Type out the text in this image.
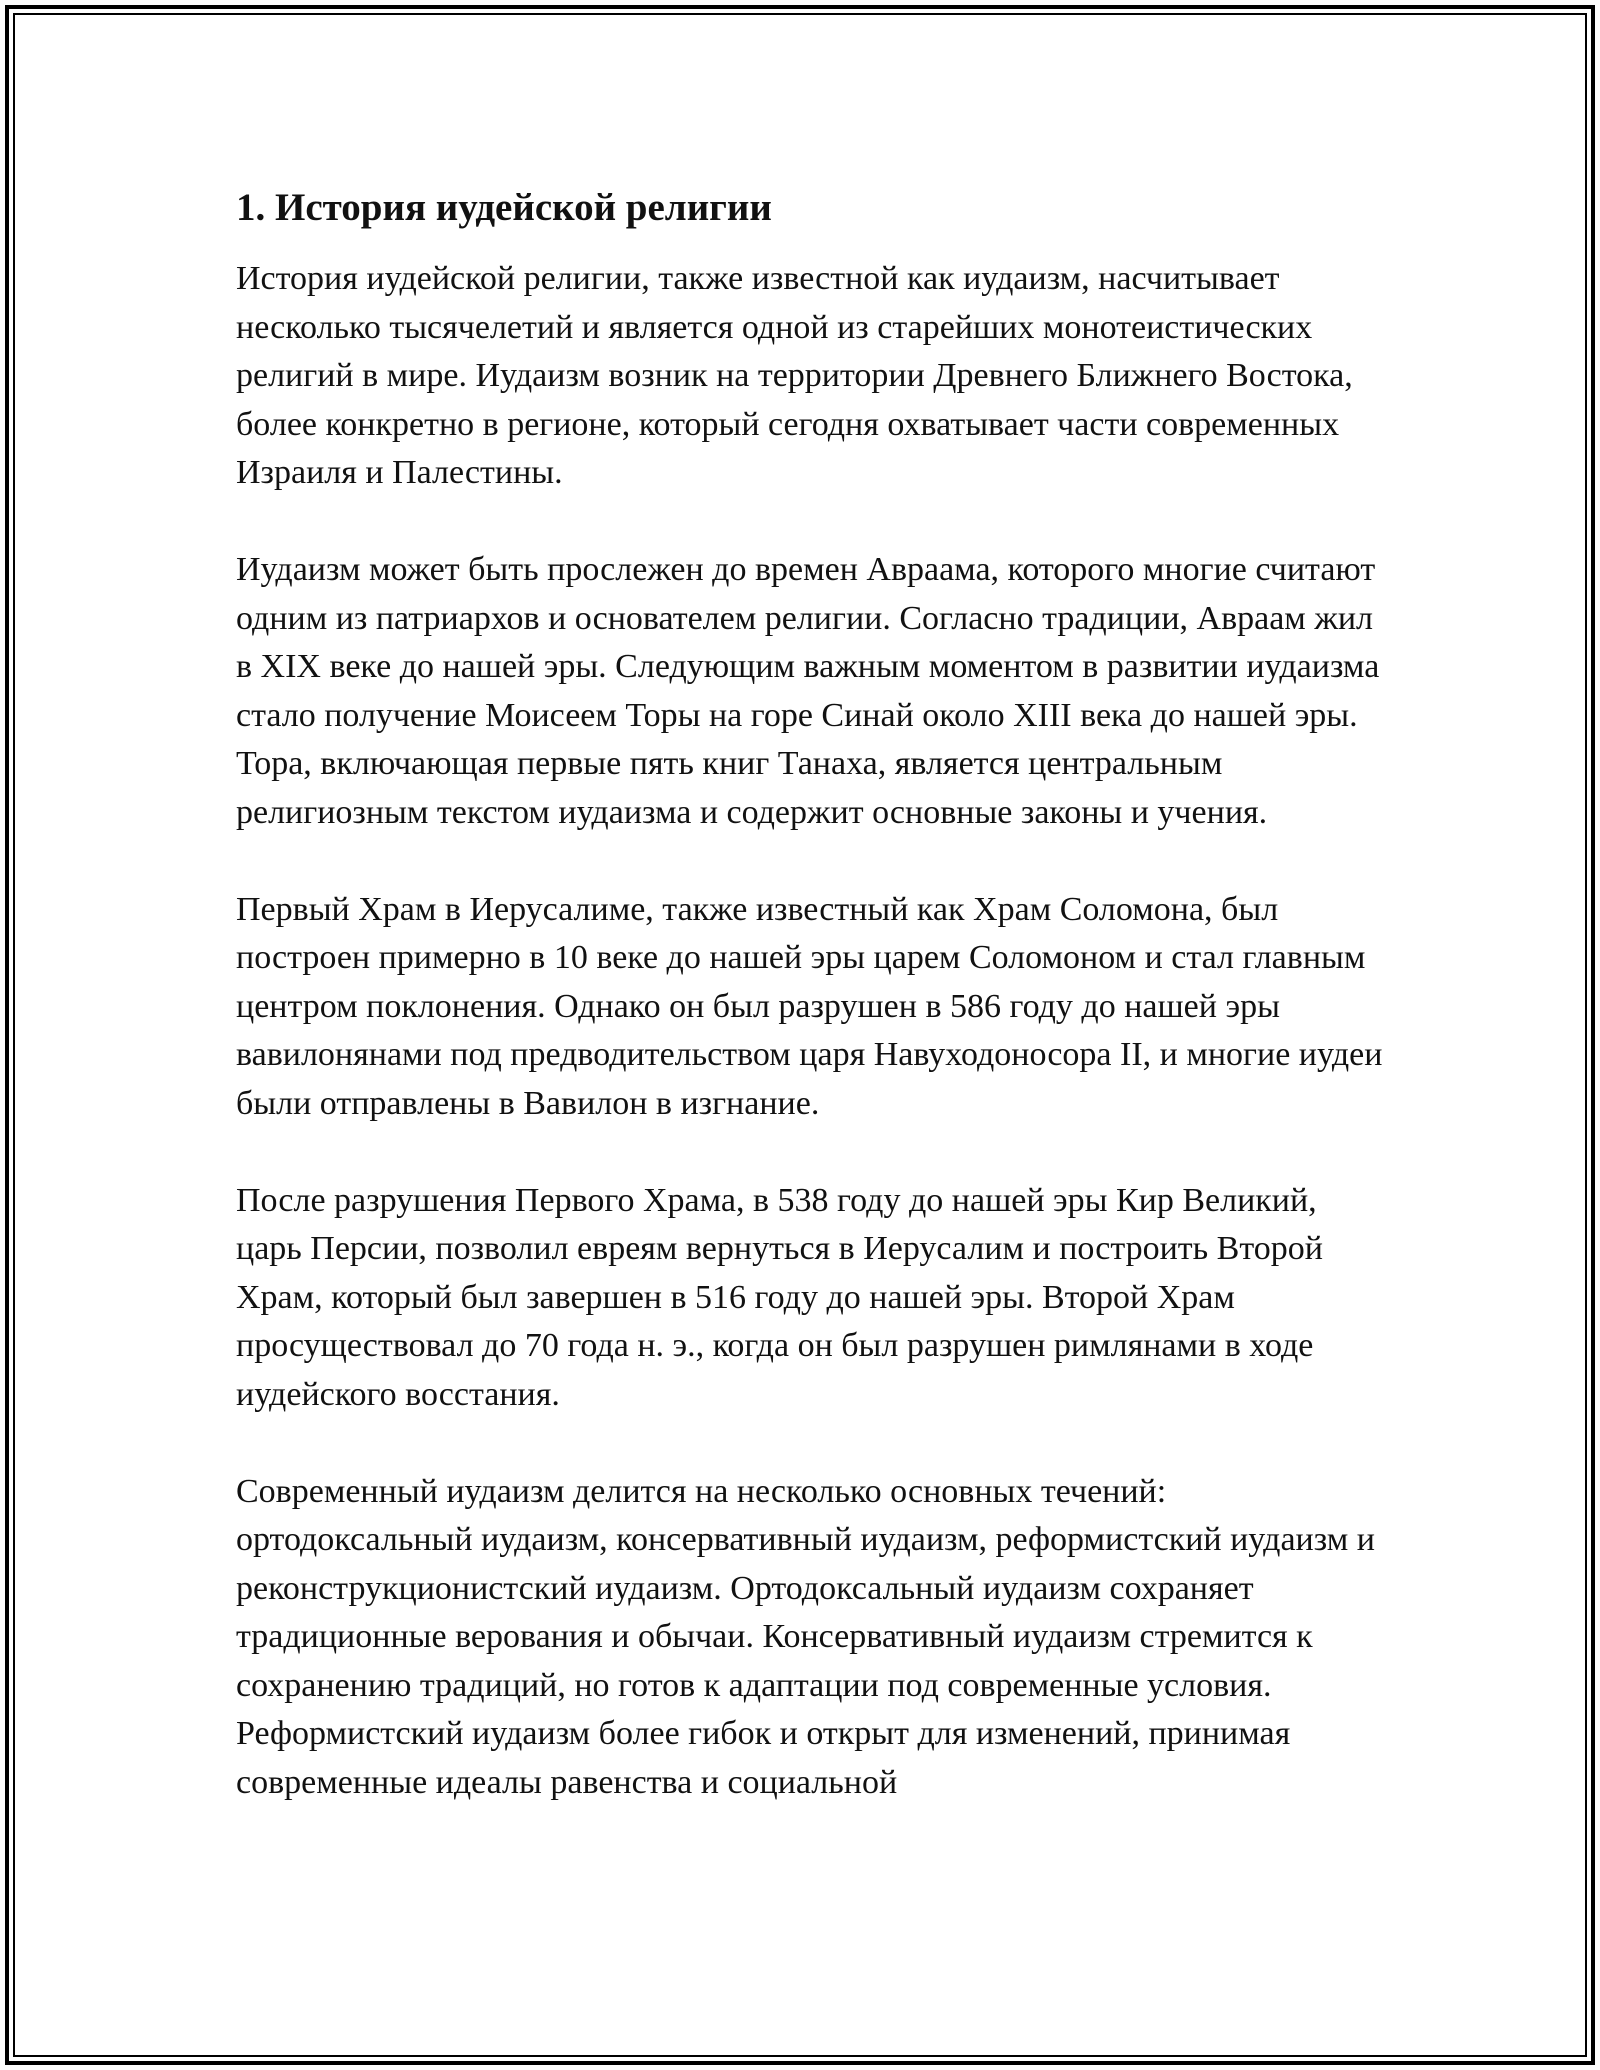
1. История иудейской религии

История иудейской религии, также известной как иудаизм, насчитывает несколько тысячелетий и является одной из старейших монотеистических религий в мире. Иудаизм возник на территории Древнего Ближнего Востока, более конкретно в регионе, который сегодня охватывает части современных Израиля и Палестины.

Иудаизм может быть прослежен до времен Авраама, которого многие считают одним из патриархов и основателем религии. Согласно традиции, Авраам жил в XIX веке до нашей эры. Следующим важным моментом в развитии иудаизма стало получение Моисеем Торы на горе Синай около XIII века до нашей эры. Тора, включающая первые пять книг Танаха, является центральным религиозным текстом иудаизма и содержит основные законы и учения.

Первый Храм в Иерусалиме, также известный как Храм Соломона, был построен примерно в 10 веке до нашей эры царем Соломоном и стал главным центром поклонения. Однако он был разрушен в 586 году до нашей эры вавилонянами под предводительством царя Навуходоносора II, и многие иудеи были отправлены в Вавилон в изгнание.

После разрушения Первого Храма, в 538 году до нашей эры Кир Великий, царь Персии, позволил евреям вернуться в Иерусалим и построить Второй Храм, который был завершен в 516 году до нашей эры. Второй Храм просуществовал до 70 года н. э., когда он был разрушен римлянами в ходе иудейского восстания.

Современный иудаизм делится на несколько основных течений: ортодоксальный иудаизм, консервативный иудаизм, реформистский иудаизм и реконструкционистский иудаизм. Ортодоксальный иудаизм сохраняет традиционные верования и обычаи. Консервативный иудаизм стремится к сохранению традиций, но готов к адаптации под современные условия. Реформистский иудаизм более гибок и открыт для изменений, принимая современные идеалы равенства и социальной
